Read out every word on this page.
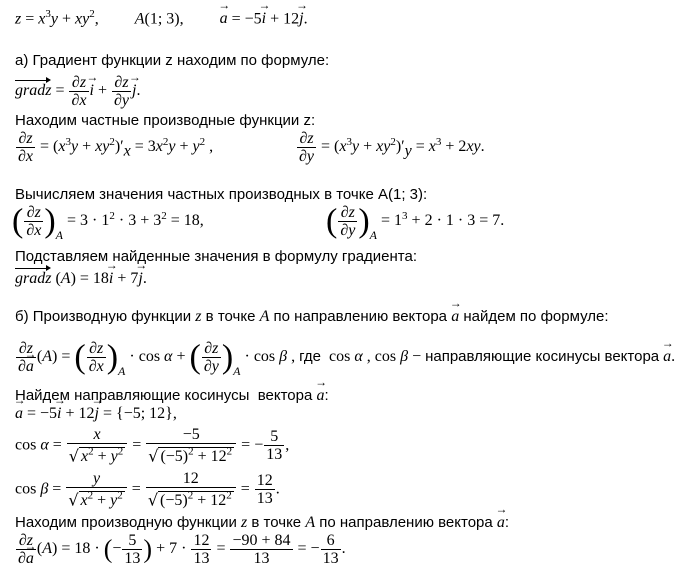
$z = x^3y + xy^2$,         A(1; 3),         a → = −5i → + 12j →.
а) Градиент функции z находим по формуле:
gradz = $\frac{\partial z}{\partial x}$ i → + $\frac{\partial z}{\partial y}$ j →.
Находим частные производные функции z:
$\frac{\partial z}{\partial x} = (x^3y + xy^2)'_x = 3x^2y + y^2$ ,	$\frac{\partial z}{\partial y} = (x^3y + xy^2)'_y = x^3 + 2xy$.
Вычисляем значения частных производных в точке A(1; 3):
( $\frac{\partial z}{\partial x} )_A = 3 \cdot 1^2 \cdot 3 + 3^2 = 18$,	( $\frac{\partial z}{\partial y} )_A = 1^3 + 2 \cdot 1 \cdot 3 = 7$.
Подставляем найденные значения в формулу градиента:
gradz (A) = 18i → + 7j →.
б) Производную функции z в точке A по направлению вектора a → найдем по формуле:
$\frac{\partial z}{\partial a} \to (A)$ = ( $\frac{\partial z}{\partial x} )_A \cdot \cos \alpha$ + ( $\frac{\partial z}{\partial y} )_A \cdot \cos \beta$ , где  cos α , cos β − направляющие косинусы вектора a →.
Найдем направляющие косинусы  вектора a →:
a → = −5i → + 12j → = {−5; 12},
$\cos \alpha = \frac{x}{√ x^2 + y^2} = \frac{-5}{√ (-5)^2 + 12^2}$ = − $\frac{5}{13}$ ,
$\cos \beta = \frac{y}{√ x^2 + y^2} = \frac{12}{√ (-5)^2 + 12^2} = \frac{12}{13}$ .
Находим производную функции z в точке A по направлению вектора a →:
$\frac{\partial z}{\partial a} \to (A) = 18$ · (− $\frac{5}{13}$ ) + $7 \cdot \frac{12}{13} = \frac{-90 + 84}{13}$ = − $\frac{6}{13}$ .
